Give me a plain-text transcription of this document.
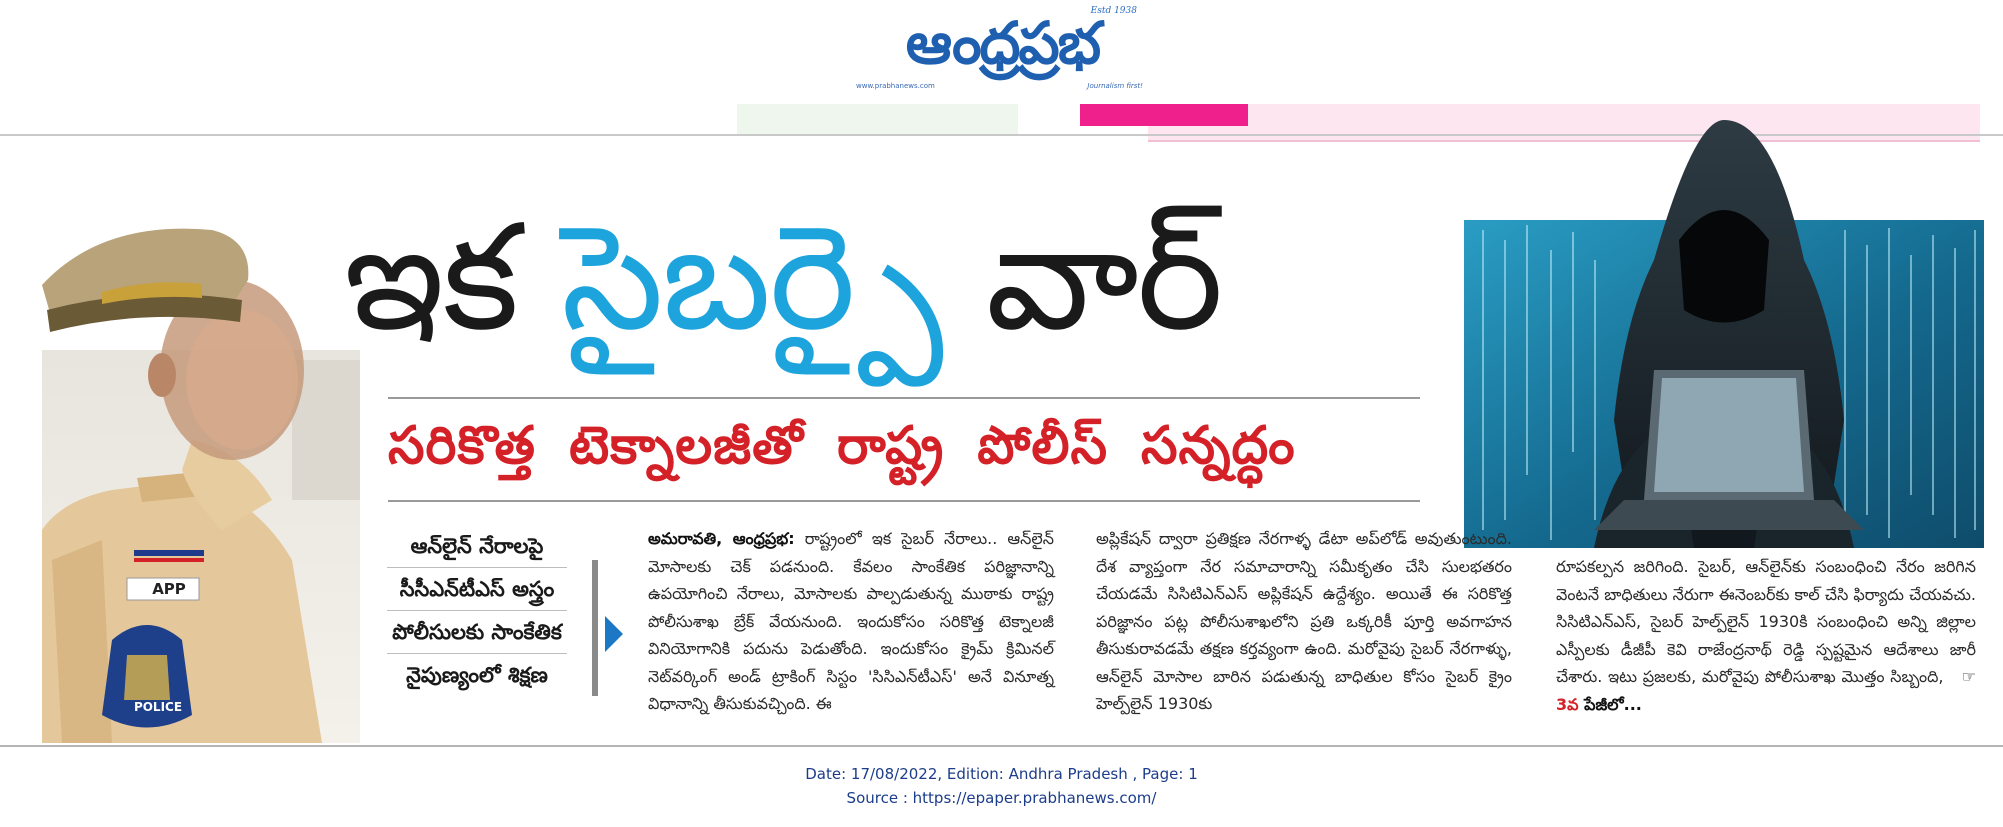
ఆంధ్రప్రభ
Estd 1938
www.prabhanews.com	Journalism first!
APP
POLICE
ఇక సైబర్పై వార్
సరికొత్త టెక్నాలజీతో రాష్ట్ర పోలీస్ సన్నద్ధం
ఆన్‌లైన్ నేరాలపై
సీసీఎన్‌టీఎస్ అస్త్రం
పోలీసులకు సాంకేతిక
నైపుణ్యంలో శిక్షణ

అమరావతి, ఆంధ్రప్రభ: రాష్ట్రంలో ఇక సైబర్ నేరాలు.. ఆన్‌లైన్ మోసాలకు చెక్ పడనుంది. కేవలం సాంకేతిక పరిజ్ఞానాన్ని ఉపయోగించి నేరాలు, మోసాలకు పాల్పడుతున్న ముఠాకు రాష్ట్ర పోలీసుశాఖ బ్రేక్ వేయనుంది. ఇందుకోసం సరికొత్త టెక్నాలజీ వినియోగానికి పదును పెడుతోంది. ఇందుకోసం క్రైమ్ క్రిమినల్ నెట్‌వర్కింగ్ అండ్ ట్రాకింగ్ సిస్టం 'సిసిఎన్‌టీఎస్' అనే వినూత్న విధానాన్ని తీసుకువచ్చింది. ఈ

అప్లికేషన్ ద్వారా ప్రతిక్షణ నేరగాళ్ళ డేటా అప్‌లోడ్ అవుతుంటుంది. దేశ వ్యాప్తంగా నేర సమాచారాన్ని సమీకృతం చేసి సులభతరం చేయడమే సిసిటిఎన్‌ఎస్ అప్లికేషన్ ఉద్దేశ్యం. అయితే ఈ సరికొత్త పరిజ్ఞానం పట్ల పోలీసుశాఖలోని ప్రతి ఒక్కరికీ పూర్తి అవగాహన తీసుకురావడమే తక్షణ కర్తవ్యంగా ఉంది. మరోవైపు సైబర్ నేరగాళ్ళు, ఆన్‌లైన్ మోసాల బారిన పడుతున్న బాధితుల కోసం సైబర్ క్రైం హెల్ప్‌లైన్ 1930కు

రూపకల్పన జరిగింది. సైబర్, ఆన్‌లైన్‌కు సంబంధించి నేరం జరిగిన వెంటనే బాధితులు నేరుగా ఈనెంబర్‌కు కాల్ చేసి ఫిర్యాదు చేయవచు. సిసిటిఎన్‌ఎస్, సైబర్ హెల్ప్‌లైన్ 1930కి సంబంధించి అన్ని జిల్లాల ఎస్పీలకు డీజీపీ కెవి రాజేంద్రనాథ్ రెడ్డి స్పష్టమైన ఆదేశాలు జారీ చేశారు. ఇటు ప్రజలకు, మరోవైపు పోలీసుశాఖ మొత్తం సిబ్బంది, ☞ 3వ పేజీలో...

Date: 17/08/2022, Edition: Andhra Pradesh , Page: 1
Source : https://epaper.prabhanews.com/
